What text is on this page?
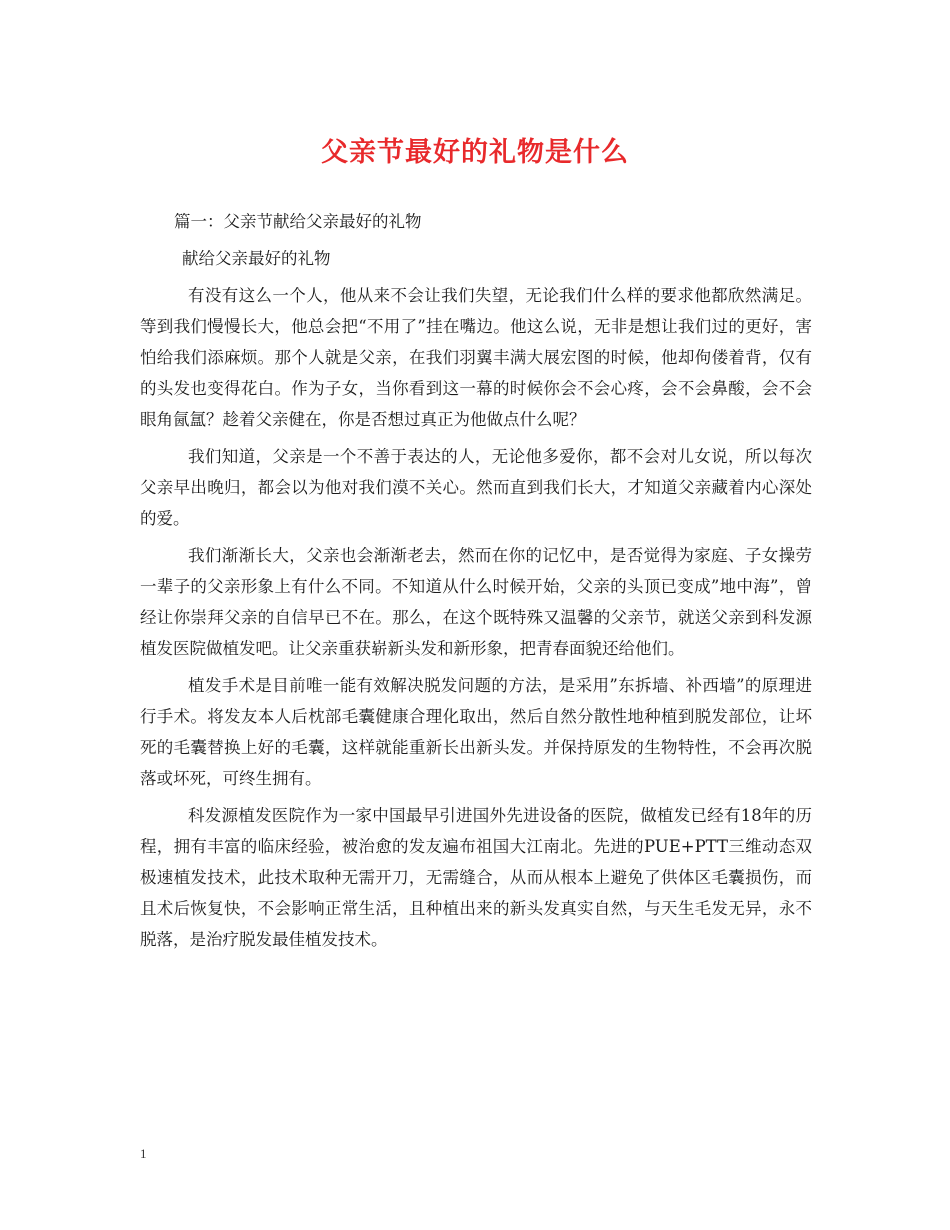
父亲节最好的礼物是什么

篇一：父亲节献给父亲最好的礼物

献给父亲最好的礼物

有没有这么一个人，他从来不会让我们失望，无论我们什么样的要求他都欣然满足。等到我们慢慢长大，他总会把“不用了”挂在嘴边。他这么说，无非是想让我们过的更好，害怕给我们添麻烦。那个人就是父亲，在我们羽翼丰满大展宏图的时候，他却佝偻着背，仅有的头发也变得花白。作为子女，当你看到这一幕的时候你会不会心疼，会不会鼻酸，会不会眼角氤氲？趁着父亲健在，你是否想过真正为他做点什么呢？

我们知道，父亲是一个不善于表达的人，无论他多爱你，都不会对儿女说，所以每次父亲早出晚归，都会以为他对我们漠不关心。然而直到我们长大，才知道父亲藏着内心深处的爱。

我们渐渐长大，父亲也会渐渐老去，然而在你的记忆中，是否觉得为家庭、子女操劳一辈子的父亲形象上有什么不同。不知道从什么时候开始，父亲的头顶已变成”地中海”，曾经让你崇拜父亲的自信早已不在。那么，在这个既特殊又温馨的父亲节，就送父亲到科发源植发医院做植发吧。让父亲重获崭新头发和新形象，把青春面貌还给他们。

植发手术是目前唯一能有效解决脱发问题的方法，是采用”东拆墙、补西墙”的原理进行手术。将发友本人后枕部毛囊健康合理化取出，然后自然分散性地种植到脱发部位，让坏死的毛囊替换上好的毛囊，这样就能重新长出新头发。并保持原发的生物特性，不会再次脱落或坏死，可终生拥有。

科发源植发医院作为一家中国最早引进国外先进设备的医院，做植发已经有18年的历程，拥有丰富的临床经验，被治愈的发友遍布祖国大江南北。先进的PUE+PTT三维动态双极速植发技术，此技术取种无需开刀，无需缝合，从而从根本上避免了供体区毛囊损伤，而且术后恢复快，不会影响正常生活，且种植出来的新头发真实自然，与天生毛发无异，永不脱落，是治疗脱发最佳植发技术。

1
